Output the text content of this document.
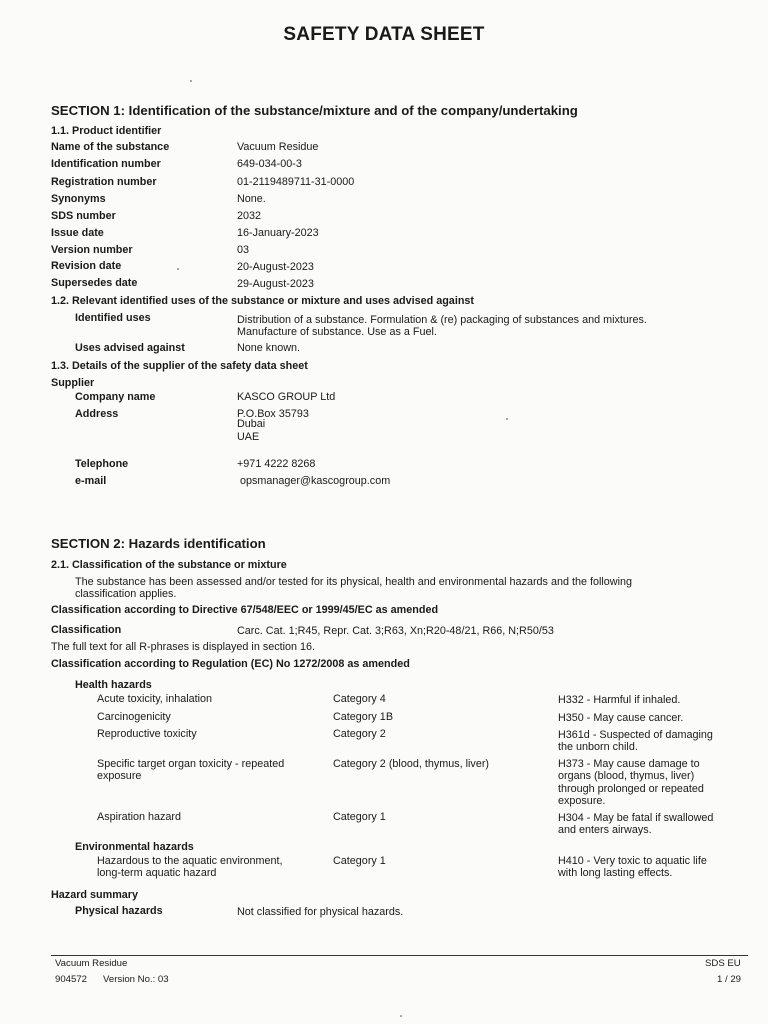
SAFETY DATA SHEET
SECTION 1: Identification of the substance/mixture and of the company/undertaking
1.1. Product identifier
Name of the substance	Vacuum Residue
Identification number	649-034-00-3
Registration number	01-2119489711-31-0000
Synonyms	None.
SDS number	2032
Issue date	16-January-2023
Version number	03
Revision date	20-August-2023
Supersedes date	29-August-2023
1.2. Relevant identified uses of the substance or mixture and uses advised against
Identified uses	Distribution of a substance. Formulation & (re) packaging of substances and mixtures.
Manufacture of substance. Use as a Fuel.
Uses advised against	None known.
1.3. Details of the supplier of the safety data sheet
Supplier
Company name	KASCO GROUP Ltd
Address	P.O.Box 35793
Dubai
UAE
Telephone	+971 4222 8268
e-mail	opsmanager@kascogroup.com
SECTION 2: Hazards identification
2.1. Classification of the substance or mixture
The substance has been assessed and/or tested for its physical, health and environmental hazards and the following
classification applies.
Classification according to Directive 67/548/EEC or 1999/45/EC as amended
Classification	Carc. Cat. 1;R45, Repr. Cat. 3;R63, Xn;R20-48/21, R66, N;R50/53
The full text for all R-phrases is displayed in section 16.
Classification according to Regulation (EC) No 1272/2008 as amended
Health hazards
Acute toxicity, inhalation	Category 4	H332 - Harmful if inhaled.
Carcinogenicity	Category 1B	H350 - May cause cancer.
Reproductive toxicity	Category 2	H361d - Suspected of damaging
the unborn child.
Specific target organ toxicity - repeated
exposure
Category 2 (blood, thymus, liver)	H373 - May cause damage to
organs (blood, thymus, liver)
through prolonged or repeated
exposure.
Aspiration hazard	Category 1	H304 - May be fatal if swallowed
and enters airways.
Environmental hazards
Hazardous to the aquatic environment,
long-term aquatic hazard
Category 1	H410 - Very toxic to aquatic life
with long lasting effects.
Hazard summary
Physical hazards	Not classified for physical hazards.
Vacuum Residue
904572 Version No.: 03
SDS EU
1 / 29
